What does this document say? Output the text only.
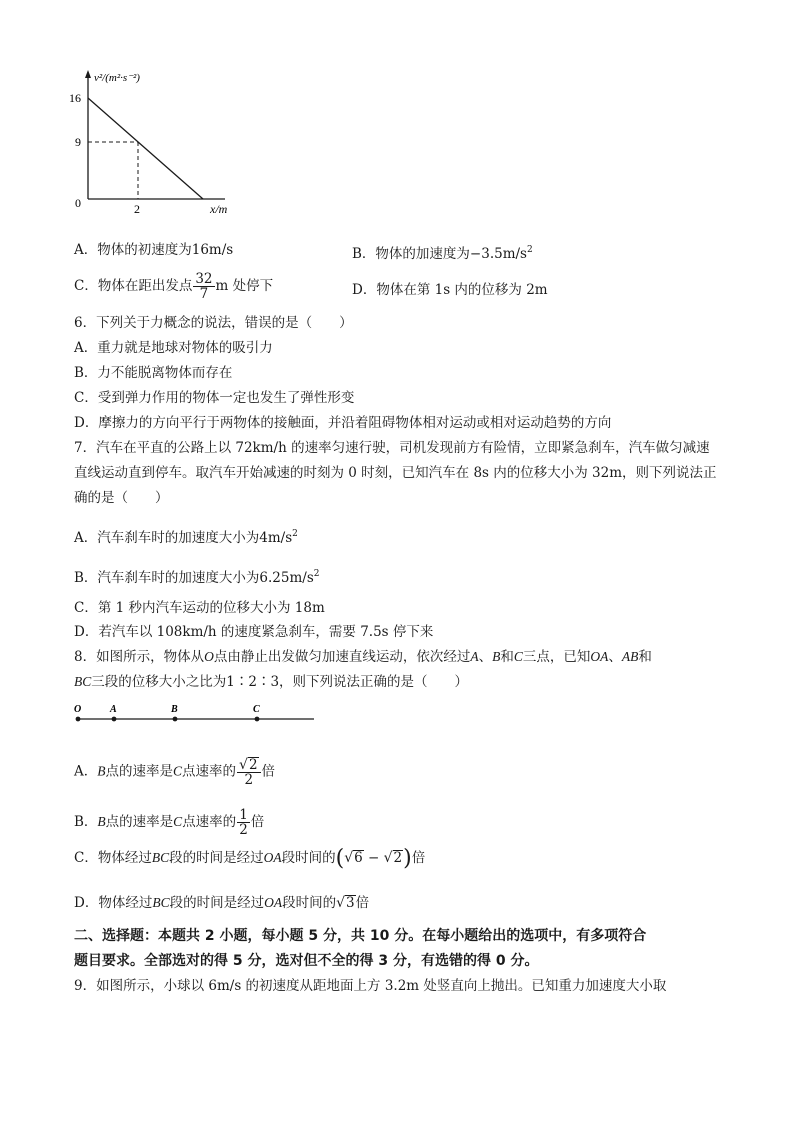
v²/(m²·s⁻²)
16
9
0	2	x/m
A．物体的初速度为16m/s	B．物体的加速度为$-3.5m/s^2$
C．物体在距出发点 $\frac{32}{7}$ m 处停下	D．物体在第 1s 内的位移为 2m
6．下列关于力概念的说法，错误的是（　　）
A．重力就是地球对物体的吸引力
B．力不能脱离物体而存在
C．受到弹力作用的物体一定也发生了弹性形变
D．摩擦力的方向平行于两物体的接触面，并沿着阻碍物体相对运动或相对运动趋势的方向
7．汽车在平直的公路上以 72km/h 的速率匀速行驶，司机发现前方有险情，立即紧急刹车，汽车做匀减速
直线运动直到停车。取汽车开始减速的时刻为 0 时刻，已知汽车在 8s 内的位移大小为 32m，则下列说法正
确的是（　　）
A．汽车刹车时的加速度大小为$4m/s^2$
B．汽车刹车时的加速度大小为$6.25m/s^2$
C．第 1 秒内汽车运动的位移大小为 18m
D．若汽车以 108km/h 的速度紧急刹车，需要 7.5s 停下来
8．如图所示，物体从O点由静止出发做匀加速直线运动，依次经过A、B和C三点，已知OA、AB和
BC三段的位移大小之比为1∶2∶3，则下列说法正确的是（　　）
O	A	B	C
A．B点的速率是C点速率的 $\frac{√2}{2}$ 倍
B．B点的速率是C点速率的 $\frac{1}{2}$ 倍
C．物体经过BC段的时间是经过OA段时间的(√6 − √2)倍
D．物体经过BC段的时间是经过OA段时间的√3倍
二、选择题：本题共 2 小题，每小题 5 分，共 10 分。在每小题给出的选项中，有多项符合
题目要求。全部选对的得 5 分，选对但不全的得 3 分，有选错的得 0 分。
9．如图所示，小球以 6m/s 的初速度从距地面上方 3.2m 处竖直向上抛出。已知重力加速度大小取
